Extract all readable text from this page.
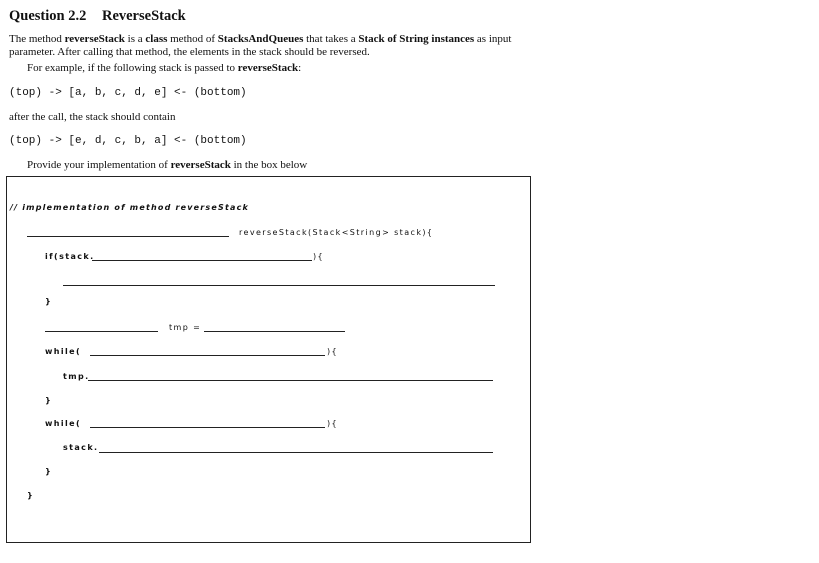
Question 2.2 ReverseStack
The method reverseStack is a class method of StacksAndQueues that takes a Stack of String instances as input parameter. After calling that method, the elements in the stack should be reversed.
For example, if the following stack is passed to reverseStack:
(top) -> [a, b, c, d, e] <- (bottom)
after the call, the stack should contain
(top) -> [e, d, c, b, a] <- (bottom)
Provide your implementation of reverseStack in the box below
// implementation of method reverseStack
reverseStack(Stack<String> stack){
if(stack.	){
}
tmp =
while(	){
tmp.
}
while(	){
stack.
}
}
